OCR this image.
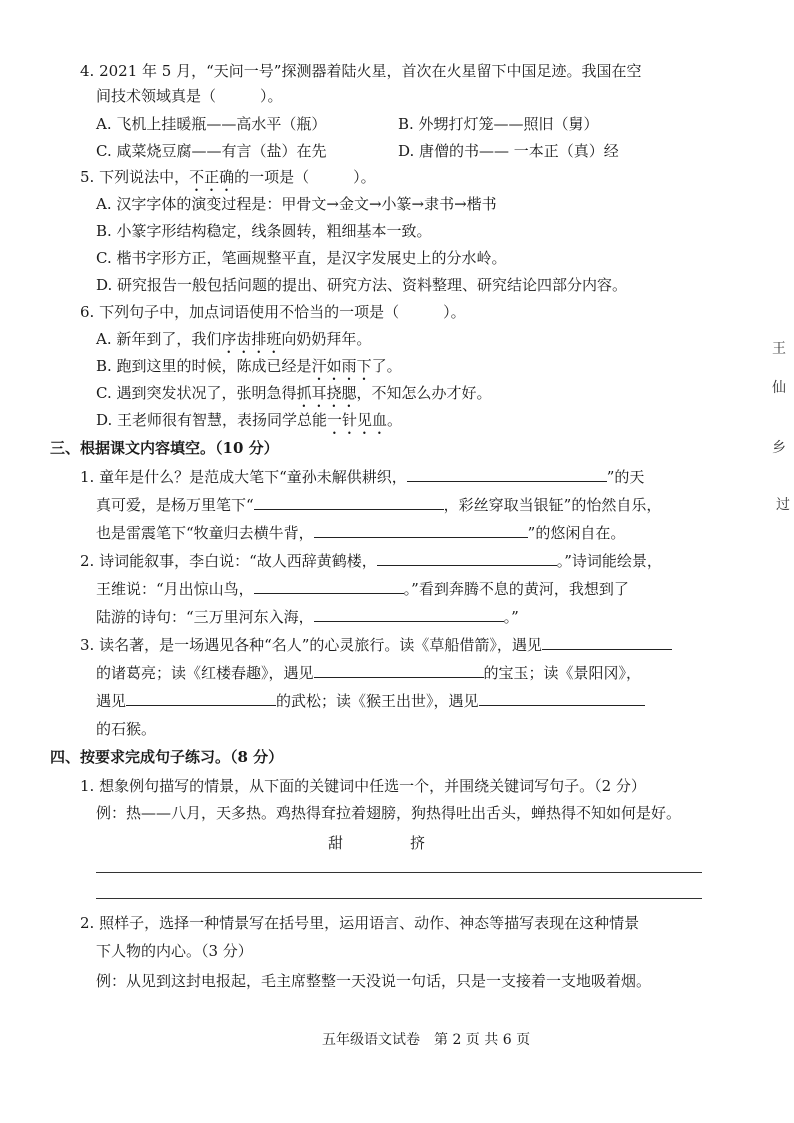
4. 2021 年 5 月，“天问一号”探测器着陆火星，首次在火星留下中国足迹。我国在空
间技术领域真是（	）。
A. 飞机上挂暖瓶——高水平（瓶）	B. 外甥打灯笼——照旧（舅）
C. 咸菜烧豆腐——有言（盐）在先	D. 唐僧的书—— 一本正（真）经
5. 下列说法中，不正确的一项是（	）。
A. 汉字字体的演变过程是：甲骨文→金文→小篆→隶书→楷书
B. 小篆字形结构稳定，线条圆转，粗细基本一致。
C. 楷书字形方正，笔画规整平直，是汉字发展史上的分水岭。
D. 研究报告一般包括问题的提出、研究方法、资料整理、研究结论四部分内容。
6. 下列句子中，加点词语使用不恰当的一项是（	）。
A. 新年到了，我们序齿排班向奶奶拜年。
B. 跑到这里的时候，陈成已经是汗如雨下了。
C. 遇到突发状况了，张明急得抓耳挠腮，不知怎么办才好。
D. 王老师很有智慧，表扬同学总能一针见血。
三、根据课文内容填空。（10 分）
1. 童年是什么？是范成大笔下“童孙未解供耕织，	”的天
真可爱，是杨万里笔下“	，彩丝穿取当银钲”的怡然自乐，
也是雷震笔下“牧童归去横牛背，	”的悠闲自在。
2. 诗词能叙事，李白说：“故人西辞黄鹤楼，	。”诗词能绘景，
王维说：“月出惊山鸟，	。”看到奔腾不息的黄河，我想到了
陆游的诗句：“三万里河东入海，	。”
3. 读名著，是一场遇见各种“名人”的心灵旅行。读《草船借箭》，遇见
的诸葛亮；读《红楼春趣》，遇见	的宝玉；读《景阳冈》，
遇见	的武松；读《猴王出世》，遇见
的石猴。
四、按要求完成句子练习。（8 分）
1. 想象例句描写的情景，从下面的关键词中任选一个，并围绕关键词写句子。（2 分）
例：热——八月，天多热。鸡热得耷拉着翅膀，狗热得吐出舌头，蝉热得不知如何是好。
甜	挤
2. 照样子，选择一种情景写在括号里，运用语言、动作、神态等描写表现在这种情景
下人物的内心。（3 分）
例：从见到这封电报起，毛主席整整一天没说一句话，只是一支接着一支地吸着烟。
五年级语文试卷　第 2 页 共 6 页
王
仙
乡
过
